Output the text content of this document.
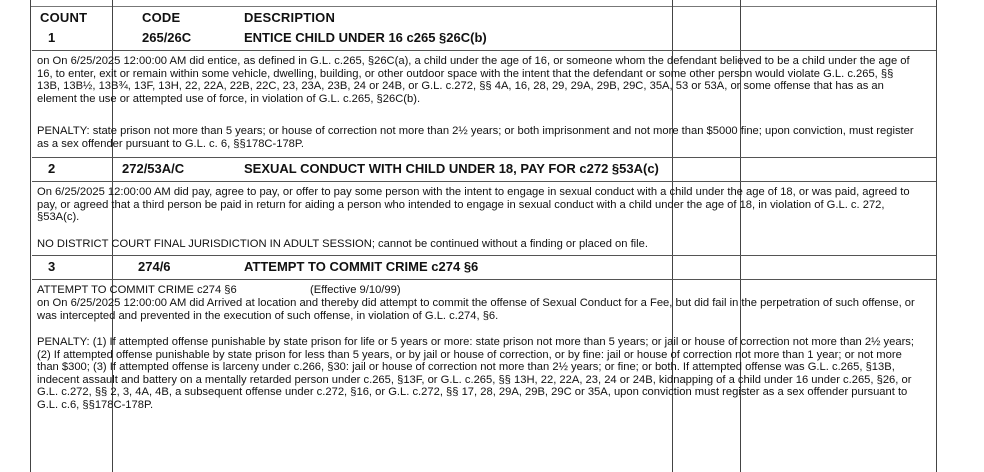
COUNT	CODE	DESCRIPTION
1	265/26C	ENTICE CHILD UNDER 16 c265 §26C(b)
on On 6/25/2025 12:00:00 AM did entice, as defined in G.L. c.265, §26C(a), a child under the age of 16, or someone whom the defendant believed to be a child under the age of 16, to enter, exit or remain within some vehicle, dwelling, building, or other outdoor space with the intent that the defendant or some other person would violate G.L. c.265, §§ 13B, 13B½, 13B¾, 13F, 13H, 22, 22A, 22B, 22C, 23, 23A, 23B, 24 or 24B, or G.L. c.272, §§ 4A, 16, 28, 29, 29A, 29B, 29C, 35A, 53 or 53A, or some offense that has as an element the use or attempted use of force, in violation of G.L. c.265, §26C(b).
PENALTY: state prison not more than 5 years; or house of correction not more than 2½ years; or both imprisonment and not more than $5000 fine; upon conviction, must register as a sex offender pursuant to G.L. c. 6, §§178C-178P.
2	272/53A/C	SEXUAL CONDUCT WITH CHILD UNDER 18, PAY FOR c272 §53A(c)
On 6/25/2025 12:00:00 AM did pay, agree to pay, or offer to pay some person with the intent to engage in sexual conduct with a child under the age of 18, or was paid, agreed to pay, or agreed that a third person be paid in return for aiding a person who intended to engage in sexual conduct with a child under the age of 18, in violation of G.L. c. 272, §53A(c).
NO DISTRICT COURT FINAL JURISDICTION IN ADULT SESSION; cannot be continued without a finding or placed on file.
3	274/6	ATTEMPT TO COMMIT CRIME c274 §6
ATTEMPT TO COMMIT CRIME c274 §6	(Effective 9/10/99)
on On 6/25/2025 12:00:00 AM did Arrived at location and thereby did attempt to commit the offense of Sexual Conduct for a Fee, but did fail in the perpetration of such offense, or was intercepted and prevented in the execution of such offense, in violation of G.L. c.274, §6.
PENALTY: (1) If attempted offense punishable by state prison for life or 5 years or more: state prison not more than 5 years; or jail or house of correction not more than 2½ years; (2) If attempted offense punishable by state prison for less than 5 years, or by jail or house of correction, or by fine: jail or house of correction not more than 1 year; or not more than $300; (3) If attempted offense is larceny under c.266, §30: jail or house of correction not more than 2½ years; or fine; or both. If attempted offense was G.L. c.265, §13B, indecent assault and battery on a mentally retarded person under c.265, §13F, or G.L. c.265, §§ 13H, 22, 22A, 23, 24 or 24B, kidnapping of a child under 16 under c.265, §26, or G.L. c.272, §§ 2, 3, 4A, 4B, a subsequent offense under c.272, §16, or G.L. c.272, §§ 17, 28, 29A, 29B, 29C or 35A, upon conviction must register as a sex offender pursuant to G.L. c.6, §§178C-178P.
